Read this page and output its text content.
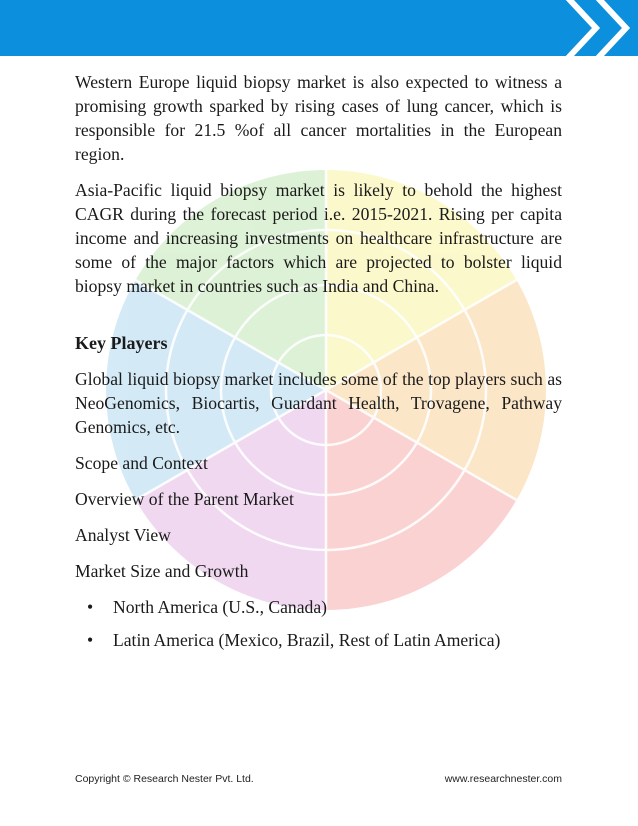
Western Europe liquid biopsy market is also expected to witness a promising growth sparked by rising cases of lung cancer, which is responsible for 21.5 %of all cancer mortalities in the European region.

Asia-Pacific liquid biopsy market is likely to behold the highest CAGR during the forecast period i.e. 2015-2021. Rising per capita income and increasing investments on healthcare infrastructure are some of the major factors which are projected to bolster liquid biopsy market in countries such as India and China.

Key Players

Global liquid biopsy market includes some of the top players such as NeoGenomics, Biocartis, Guardant Health, Trovagene, Pathway Genomics, etc.

Scope and Context

Overview of the Parent Market

Analyst View

Market Size and Growth

• North America (U.S., Canada)
• Latin America (Mexico, Brazil, Rest of Latin America)
Copyright © Research Nester Pvt. Ltd.	www.researchnester.com
